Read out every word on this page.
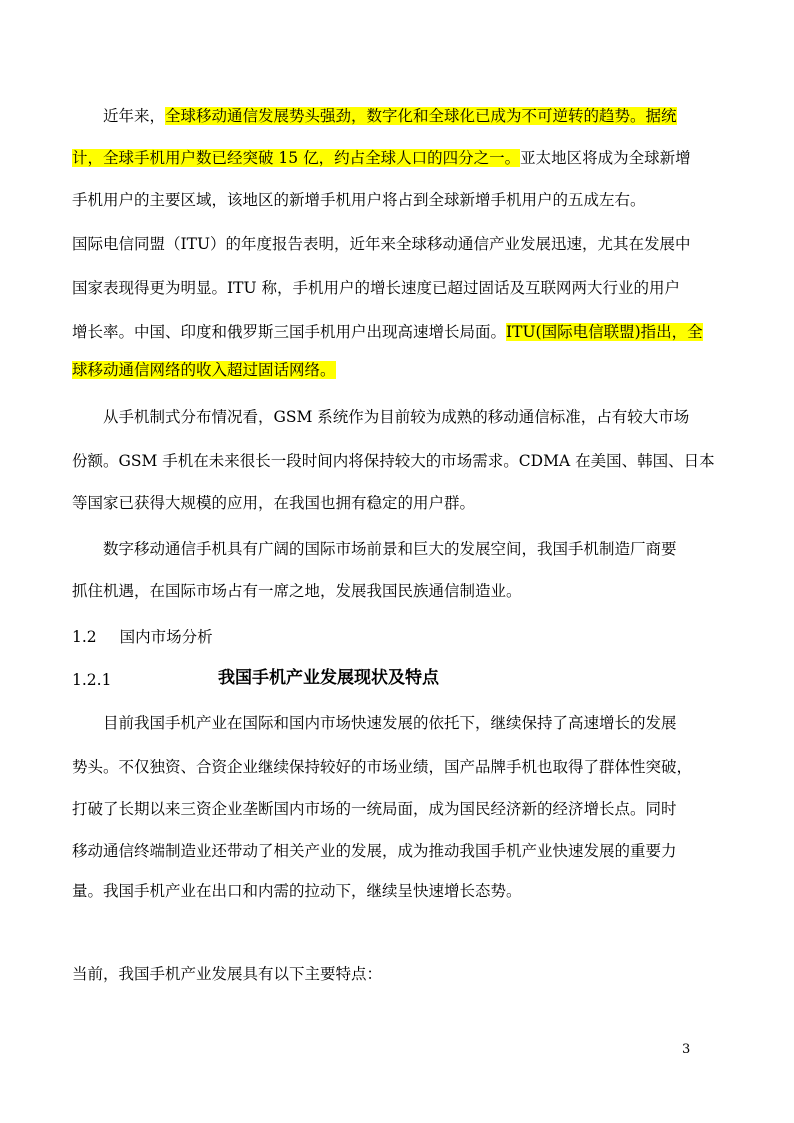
近年来，全球移动通信发展势头强劲，数字化和全球化已成为不可逆转的趋势。据统
计，全球手机用户数已经突破 15 亿，约占全球人口的四分之一。亚太地区将成为全球新增
手机用户的主要区域，该地区的新增手机用户将占到全球新增手机用户的五成左右。
国际电信同盟（ITU）的年度报告表明，近年来全球移动通信产业发展迅速，尤其在发展中
国家表现得更为明显。ITU 称，手机用户的增长速度已超过固话及互联网两大行业的用户
增长率。中国、印度和俄罗斯三国手机用户出现高速增长局面。ITU(国际电信联盟)指出，全
球移动通信网络的收入超过固话网络。
从手机制式分布情况看，GSM 系统作为目前较为成熟的移动通信标准，占有较大市场
份额。GSM 手机在未来很长一段时间内将保持较大的市场需求。CDMA 在美国、韩国、日本
等国家已获得大规模的应用，在我国也拥有稳定的用户群。
数字移动通信手机具有广阔的国际市场前景和巨大的发展空间，我国手机制造厂商要
抓住机遇，在国际市场占有一席之地，发展我国民族通信制造业。
1.2 国内市场分析
1.2.1	我国手机产业发展现状及特点
目前我国手机产业在国际和国内市场快速发展的依托下，继续保持了高速增长的发展
势头。不仅独资、合资企业继续保持较好的市场业绩，国产品牌手机也取得了群体性突破，
打破了长期以来三资企业垄断国内市场的一统局面，成为国民经济新的经济增长点。同时
移动通信终端制造业还带动了相关产业的发展，成为推动我国手机产业快速发展的重要力
量。我国手机产业在出口和内需的拉动下，继续呈快速增长态势。
当前，我国手机产业发展具有以下主要特点：
3
